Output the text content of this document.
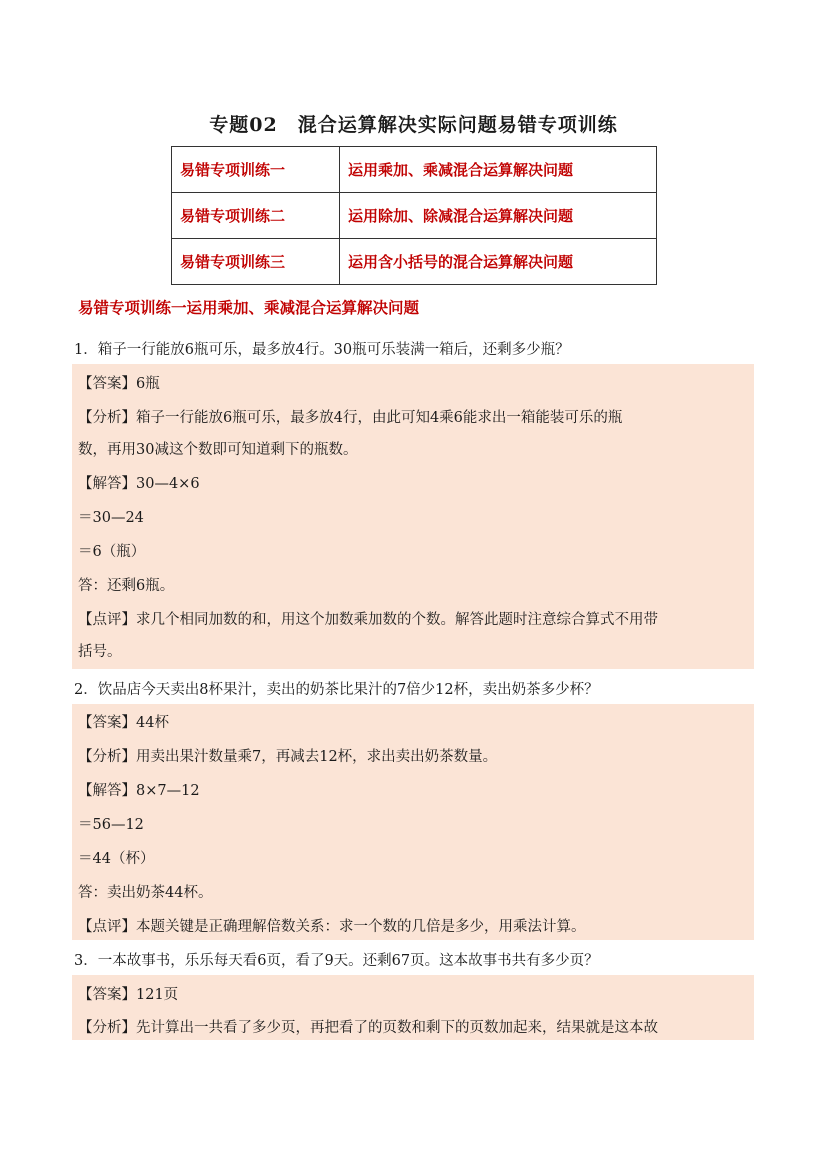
专题02　混合运算解决实际问题易错专项训练
易错专项训练一	运用乘加、乘减混合运算解决问题
易错专项训练二	运用除加、除减混合运算解决问题
易错专项训练三	运用含小括号的混合运算解决问题
易错专项训练一运用乘加、乘减混合运算解决问题
1．箱子一行能放6瓶可乐，最多放4行。30瓶可乐装满一箱后，还剩多少瓶？
【答案】6瓶
【分析】箱子一行能放6瓶可乐，最多放4行，由此可知4乘6能求出一箱能装可乐的瓶
数，再用30减这个数即可知道剩下的瓶数。
【解答】30—4×6
＝30—24
＝6（瓶）
答：还剩6瓶。
【点评】求几个相同加数的和，用这个加数乘加数的个数。解答此题时注意综合算式不用带
括号。
2．饮品店今天卖出8杯果汁，卖出的奶茶比果汁的7倍少12杯，卖出奶茶多少杯？
【答案】44杯
【分析】用卖出果汁数量乘7，再减去12杯，求出卖出奶茶数量。
【解答】8×7—12
＝56—12
＝44（杯）
答：卖出奶茶44杯。
【点评】本题关键是正确理解倍数关系：求一个数的几倍是多少，用乘法计算。
3．一本故事书，乐乐每天看6页，看了9天。还剩67页。这本故事书共有多少页？
【答案】121页
【分析】先计算出一共看了多少页，再把看了的页数和剩下的页数加起来，结果就是这本故
